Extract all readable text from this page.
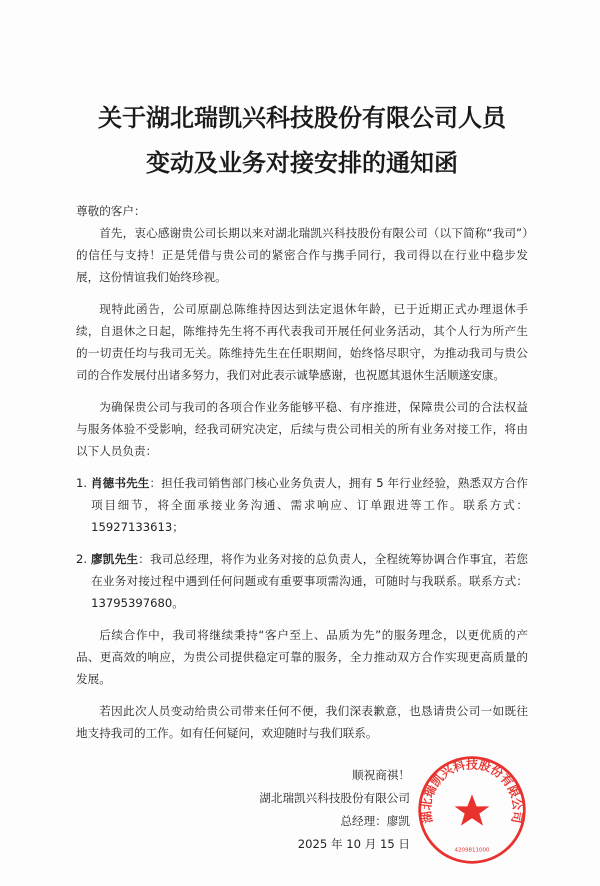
关于湖北瑞凯兴科技股份有限公司人员
变动及业务对接安排的通知函

尊敬的客户：

首先，衷心感谢贵公司长期以来对湖北瑞凯兴科技股份有限公司（以下简称“我司”）的信任与支持！正是凭借与贵公司的紧密合作与携手同行，我司得以在行业中稳步发展，这份情谊我们始终珍视。

现特此函告，公司原副总陈维持因达到法定退休年龄，已于近期正式办理退休手续，自退休之日起，陈维持先生将不再代表我司开展任何业务活动，其个人行为所产生的一切责任均与我司无关。陈维持先生在任职期间，始终恪尽职守，为推动我司与贵公司的合作发展付出诸多努力，我们对此表示诚挚感谢，也祝愿其退休生活顺遂安康。

为确保贵公司与我司的各项合作业务能够平稳、有序推进，保障贵公司的合法权益与服务体验不受影响，经我司研究决定，后续与贵公司相关的所有业务对接工作，将由以下人员负责：

1. 肖德书先生：担任我司销售部门核心业务负责人，拥有 5 年行业经验，熟悉双方合作项目细节，将全面承接业务沟通、需求响应、订单跟进等工作。联系方式：15927133613；

2. 廖凯先生：我司总经理，将作为业务对接的总负责人，全程统筹协调合作事宜，若您在业务对接过程中遇到任何问题或有重要事项需沟通，可随时与我联系。联系方式：13795397680。

后续合作中，我司将继续秉持“客户至上、品质为先”的服务理念，以更优质的产品、更高效的响应，为贵公司提供稳定可靠的服务，全力推动双方合作实现更高质量的发展。

若因此次人员变动给贵公司带来任何不便，我们深表歉意，也恳请贵公司一如既往地支持我司的工作。如有任何疑问，欢迎随时与我们联系。

顺祝商祺！
湖北瑞凯兴科技股份有限公司
总经理：廖凯
2025 年 10 月 15 日
湖北瑞凯兴科技股份有限公司
4209811000
